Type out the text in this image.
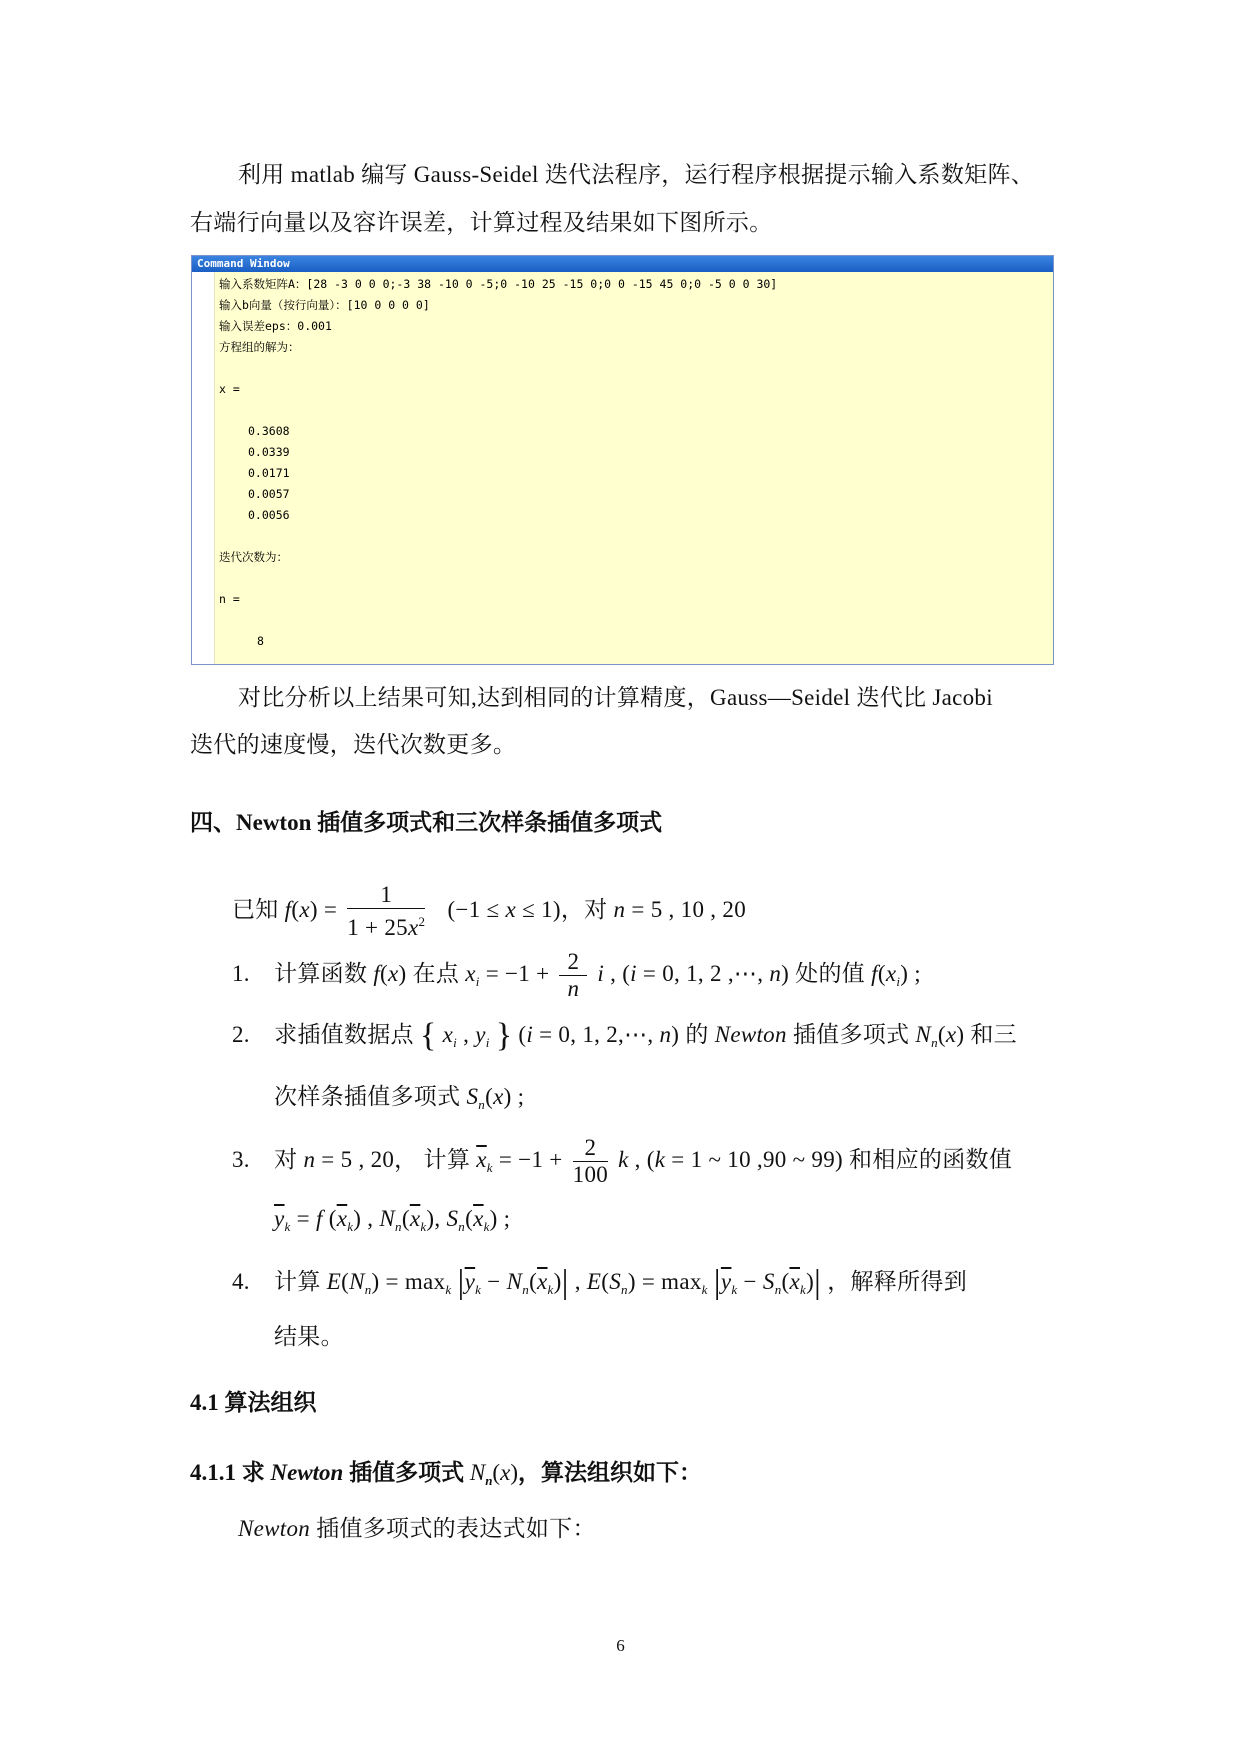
利用 matlab 编写 Gauss-Seidel 迭代法程序，运行程序根据提示输入系数矩阵、
右端行向量以及容许误差，计算过程及结果如下图所示。
Command Window
输入系数矩阵A：[28 -3 0 0 0;-3 38 -10 0 -5;0 -10 25 -15 0;0 0 -15 45 0;0 -5 0 0 30]
输入b向量（按行向量）：[10 0 0 0 0]
输入误差eps：0.001
方程组的解为：

x =

0.3608
0.0339
0.0171
0.0057
0.0056

迭代次数为：

n =

8
对比分析以上结果可知,达到相同的计算精度，Gauss—Seidel 迭代比 Jacobi
迭代的速度慢，迭代次数更多。
四、Newton 插值多项式和三次样条插值多项式
已知 $f(x) = \frac{1}{1 + 25x^2} (-1 \le x \le 1)$，对 n = 5 , 10 , 20
1. 计算函数 f(x) 在点 $x_i = -1 + \frac{2}{n}$ i , (i = 0, 1, 2 ,⋯, n) 处的值 $f(x_i)$ ;
2. 求插值数据点 { $x_i$ , $y_i$ } (i = 0, 1, 2,⋯, n) 的 Newton 插值多项式 $N_n(x)$ 和三
次样条插值多项式 $S_n(x)$ ;
3. 对 n = 5 , 20， 计算 $\overline{x}_k = -1 + \frac{2}{100}$ k , (k = 1 ~ 10 ,90 ~ 99) 和相应的函数值
$\overline{y}_k = f$ $(\overline{x}_k)$ , $N_n(\overline{x}_k)$, $S_n(\overline{x}_k)$ ;
4. 计算 $E(N_n) = \max_k |\overline{y}_k - N_n(\overline{x}_k)|$ , $E(S_n) = \max_k |\overline{y}_k - S_n(\overline{x}_k)|$ ，解释所得到
结果。
4.1 算法组织
4.1.1 求 Newton 插值多项式 $N_n(x)$，算法组织如下：
Newton 插值多项式的表达式如下：
6
